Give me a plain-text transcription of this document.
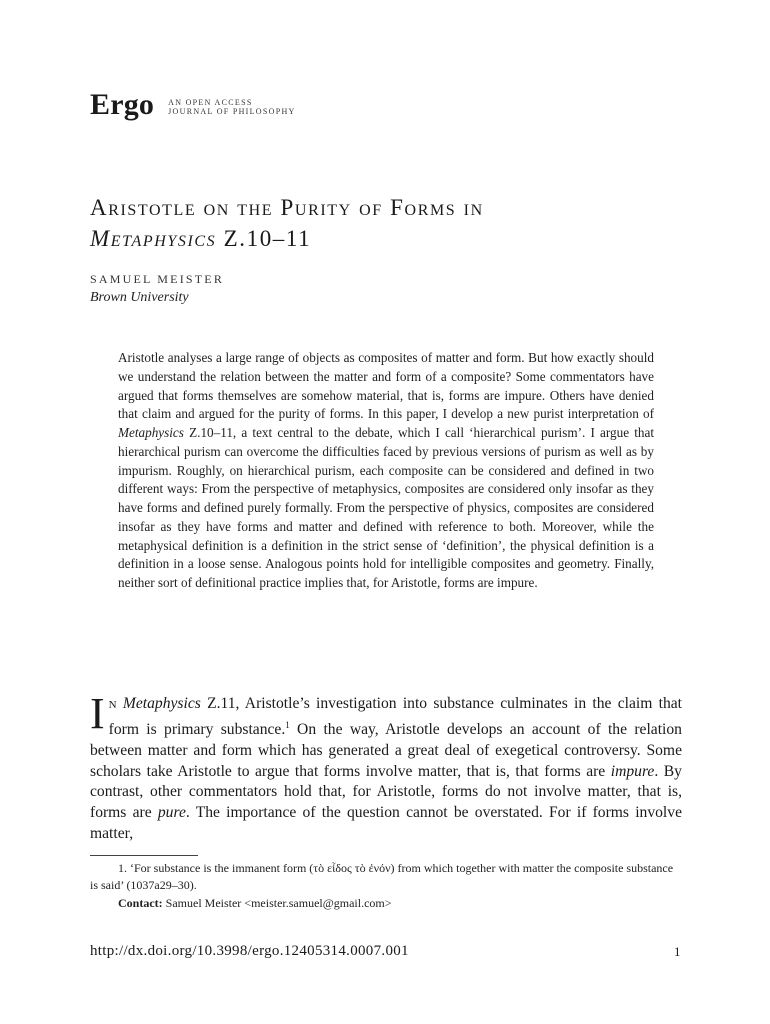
Ergo AN OPEN ACCESS
JOURNAL OF PHILOSOPHY
Aristotle on the Purity of Forms in
Metaphysics Z.10–11
SAMUEL MEISTER
Brown University
Aristotle analyses a large range of objects as composites of matter and form. But how exactly should we understand the relation between the matter and form of a composite? Some commentators have argued that forms themselves are somehow material, that is, forms are impure. Others have denied that claim and argued for the purity of forms. In this paper, I develop a new purist interpretation of Metaphysics Z.10–11, a text central to the debate, which I call ‘hierarchical purism’. I argue that hierarchical purism can overcome the difficulties faced by previous versions of purism as well as by impurism. Roughly, on hierarchical purism, each composite can be considered and defined in two different ways: From the perspective of metaphysics, composites are considered only insofar as they have forms and defined purely formally. From the perspective of physics, composites are considered insofar as they have forms and matter and defined with reference to both. Moreover, while the metaphysical definition is a definition in the strict sense of ‘definition’, the physical definition is a definition in a loose sense. Analogous points hold for intelligible composites and geometry. Finally, neither sort of definitional practice implies that, for Aristotle, forms are impure.
In Metaphysics Z.11, Aristotle’s investigation into substance culminates in the claim that form is primary substance.$^1$ On the way, Aristotle develops an account of the relation between matter and form which has generated a great deal of exegetical controversy. Some scholars take Aristotle to argue that forms involve matter, that is, that forms are impure. By contrast, other commentators hold that, for Aristotle, forms do not involve matter, that is, forms are pure. The importance of the question cannot be overstated. For if forms involve matter,
1. ‘For substance is the immanent form (τὸ εἶδος τὸ ἐνόν) from which together with matter the composite substance is said’ (1037a29–30).
Contact: Samuel Meister <meister.samuel@gmail.com>
http://dx.doi.org/10.3998/ergo.12405314.0007.001	1
